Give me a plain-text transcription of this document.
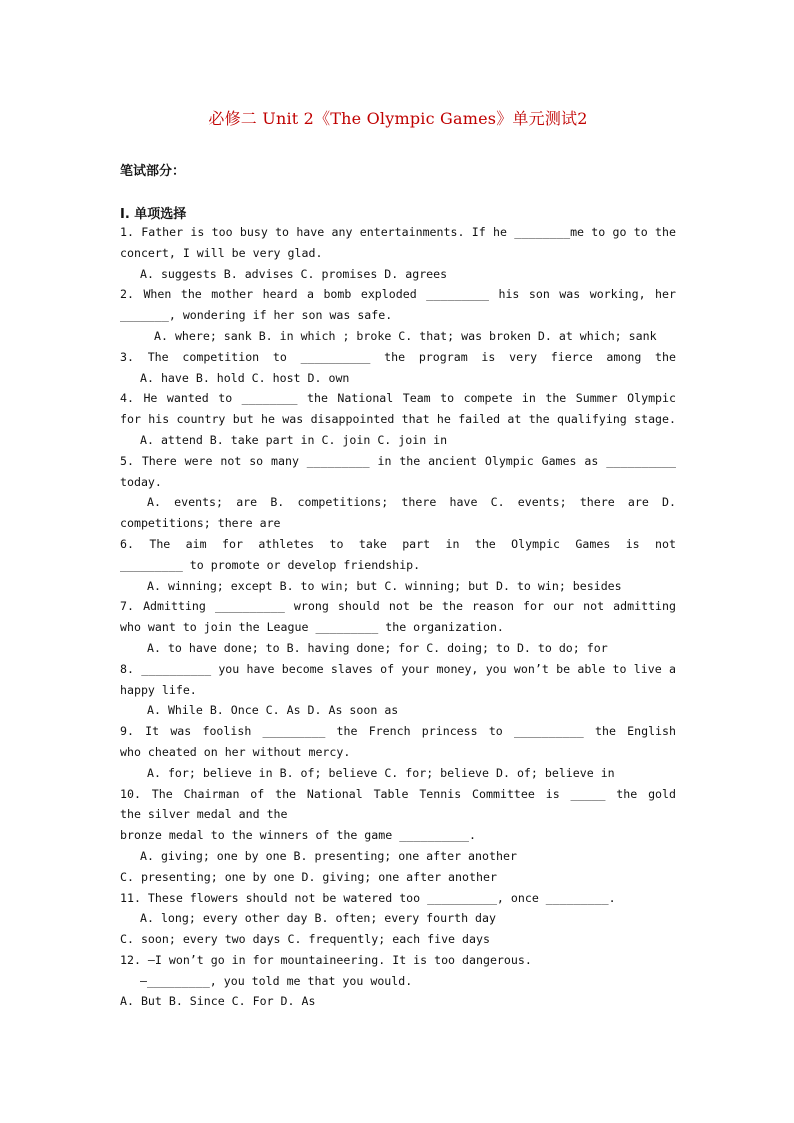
必修二 Unit 2《The Olympic Games》单元测试2
笔试部分：
I. 单项选择
1. Father is too busy to have any entertainments. If he ________me to go to the
concert, I will be very glad.
A. suggests B. advises C. promises D. agrees
2. When the mother heard a bomb exploded _________ his son was working, her
_______, wondering if her son was safe.
A. where; sank B. in which ; broke C. that; was broken D. at which; sank
3. The competition to __________ the program is very fierce among the
A. have B. hold C. host D. own
4. He wanted to ________ the National Team to compete in the Summer Olympic
for his country but he was disappointed that he failed at the qualifying stage.
A. attend B. take part in C. join C. join in
5. There were not so many _________ in the ancient Olympic Games as __________
today.
A. events; are B. competitions; there have C. events; there are D.
competitions; there are
6. The aim for athletes to take part in the Olympic Games is not
_________ to promote or develop friendship.
A. winning; except B. to win; but C. winning; but D. to win; besides
7. Admitting __________ wrong should not be the reason for our not admitting
who want to join the League _________ the organization.
A. to have done; to B. having done; for C. doing; to D. to do; for
8. __________ you have become slaves of your money, you won’t be able to live a
happy life.
A. While B. Once C. As D. As soon as
9. It was foolish _________ the French princess to __________ the English
who cheated on her without mercy.
A. for; believe in B. of; believe C. for; believe D. of; believe in
10. The Chairman of the National Table Tennis Committee is _____ the gold
the silver medal and the
bronze medal to the winners of the game __________.
A. giving; one by one B. presenting; one after another
C. presenting; one by one D. giving; one after another
11. These flowers should not be watered too __________, once _________.
A. long; every other day B. often; every fourth day
C. soon; every two days C. frequently; each five days
12. —I won’t go in for mountaineering. It is too dangerous.
—_________, you told me that you would.
A. But B. Since C. For D. As
